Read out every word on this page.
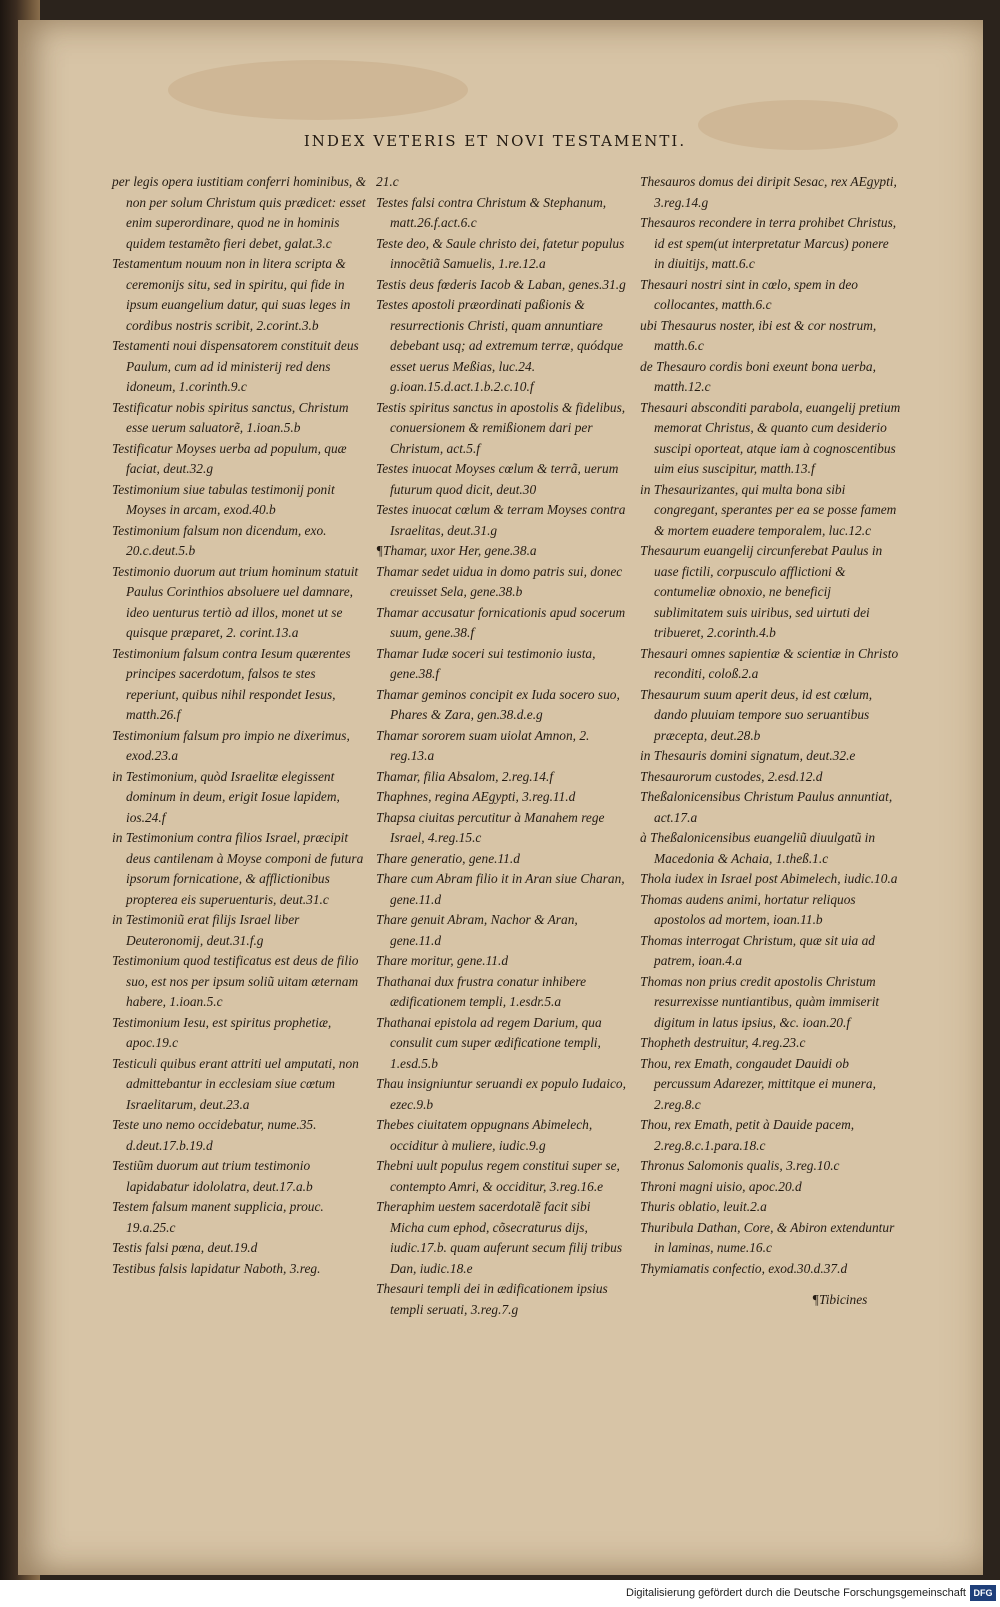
INDEX VETERIS ET NOVI TESTAMENTI.

per legis opera iustitiam conferri hominibus, & non per solum Christum quis prædicet: esset enim superordinare, quod ne in hominis quidem testamẽto fieri debet, galat.3.c

Testamentum nouum non in litera scripta & ceremonijs situ, sed in spiritu, qui fide in ipsum euangelium datur, qui suas leges in cordibus nostris scribit, 2.corint.3.b

Testamenti noui dispensatorem constituit deus Paulum, cum ad id ministerij red dens idoneum, 1.corinth.9.c

Testificatur nobis spiritus sanctus, Christum esse uerum saluatorẽ, 1.ioan.5.b

Testificatur Moyses uerba ad populum, quæ faciat, deut.32.g

Testimonium siue tabulas testimonij ponit Moyses in arcam, exod.40.b

Testimonium falsum non dicendum, exo. 20.c.deut.5.b

Testimonio duorum aut trium hominum statuit Paulus Corinthios absoluere uel damnare, ideo uenturus tertiò ad illos, monet ut se quisque præparet, 2. corint.13.a

Testimonium falsum contra Iesum quærentes principes sacerdotum, falsos te stes reperiunt, quibus nihil respondet Iesus, matth.26.f

Testimonium falsum pro impio ne dixerimus, exod.23.a

in Testimonium, quòd Israelitæ elegissent dominum in deum, erigit Iosue lapidem, ios.24.f

in Testimonium contra filios Israel, præcipit deus cantilenam à Moyse componi de futura ipsorum fornicatione, & afflictionibus propterea eis superuenturis, deut.31.c

in Testimoniũ erat filijs Israel liber Deuteronomij, deut.31.f.g

Testimonium quod testificatus est deus de filio suo, est nos per ipsum soliũ uitam æternam habere, 1.ioan.5.c

Testimonium Iesu, est spiritus prophetiæ, apoc.19.c

Testiculi quibus erant attriti uel amputati, non admittebantur in ecclesiam siue cœtum Israelitarum, deut.23.a

Teste uno nemo occidebatur, nume.35. d.deut.17.b.19.d

Testiũm duorum aut trium testimonio lapidabatur idololatra, deut.17.a.b

Testem falsum manent supplicia, prouc. 19.a.25.c

Testis falsi pœna, deut.19.d

Testibus falsis lapidatur Naboth, 3.reg.

21.c

Testes falsi contra Christum & Stephanum, matt.26.f.act.6.c

Teste deo, & Saule christo dei, fatetur populus innocẽtiã Samuelis, 1.re.12.a

Testis deus fœderis Iacob & Laban, genes.31.g

Testes apostoli præordinati paßionis & resurrectionis Christi, quam annuntiare debebant usq; ad extremum terræ, quódque esset uerus Meßias, luc.24. g.ioan.15.d.act.1.b.2.c.10.f

Testis spiritus sanctus in apostolis & fidelibus, conuersionem & remißionem dari per Christum, act.5.f

Testes inuocat Moyses cœlum & terrã, uerum futurum quod dicit, deut.30

Testes inuocat cœlum & terram Moyses contra Israelitas, deut.31.g

¶Thamar, uxor Her, gene.38.a

Thamar sedet uidua in domo patris sui, donec creuisset Sela, gene.38.b

Thamar accusatur fornicationis apud socerum suum, gene.38.f

Thamar Iudæ soceri sui testimonio iusta, gene.38.f

Thamar geminos concipit ex Iuda socero suo, Phares & Zara, gen.38.d.e.g

Thamar sororem suam uiolat Amnon, 2. reg.13.a

Thamar, filia Absalom, 2.reg.14.f

Thaphnes, regina AEgypti, 3.reg.11.d

Thapsa ciuitas percutitur à Manahem rege Israel, 4.reg.15.c

Thare generatio, gene.11.d

Thare cum Abram filio it in Aran siue Charan, gene.11.d

Thare genuit Abram, Nachor & Aran, gene.11.d

Thare moritur, gene.11.d

Thathanai dux frustra conatur inhibere ædificationem templi, 1.esdr.5.a

Thathanai epistola ad regem Darium, qua consulit cum super ædificatione templi, 1.esd.5.b

Thau insigniuntur seruandi ex populo Iudaico, ezec.9.b

Thebes ciuitatem oppugnans Abimelech, occiditur à muliere, iudic.9.g

Thebni uult populus regem constitui super se, contempto Amri, & occiditur, 3.reg.16.e

Theraphim uestem sacerdotalẽ facit sibi Micha cum ephod, cõsecraturus dijs, iudic.17.b. quam auferunt secum filij tribus Dan, iudic.18.e

Thesauri templi dei in ædificationem ipsius templi seruati, 3.reg.7.g

Thesauros domus dei diripit Sesac, rex AEgypti, 3.reg.14.g

Thesauros recondere in terra prohibet Christus, id est spem(ut interpretatur Marcus) ponere in diuitijs, matt.6.c

Thesauri nostri sint in cœlo, spem in deo collocantes, matth.6.c

ubi Thesaurus noster, ibi est & cor nostrum, matth.6.c

de Thesauro cordis boni exeunt bona uerba, matth.12.c

Thesauri absconditi parabola, euangelij pretium memorat Christus, & quanto cum desiderio suscipi oporteat, atque iam à cognoscentibus uim eius suscipitur, matth.13.f

in Thesaurizantes, qui multa bona sibi congregant, sperantes per ea se posse famem & mortem euadere temporalem, luc.12.c

Thesaurum euangelij circunferebat Paulus in uase fictili, corpusculo afflictioni & contumeliæ obnoxio, ne beneficij sublimitatem suis uiribus, sed uirtuti dei tribueret, 2.corinth.4.b

Thesauri omnes sapientiæ & scientiæ in Christo reconditi, coloß.2.a

Thesaurum suum aperit deus, id est cœlum, dando pluuiam tempore suo seruantibus præcepta, deut.28.b

in Thesauris domini signatum, deut.32.e

Thesaurorum custodes, 2.esd.12.d

Theßalonicensibus Christum Paulus annuntiat, act.17.a

à Theßalonicensibus euangeliũ diuulgatũ in Macedonia & Achaia, 1.theß.1.c

Thola iudex in Israel post Abimelech, iudic.10.a

Thomas audens animi, hortatur reliquos apostolos ad mortem, ioan.11.b

Thomas interrogat Christum, quæ sit uia ad patrem, ioan.4.a

Thomas non prius credit apostolis Christum resurrexisse nuntiantibus, quàm immiserit digitum in latus ipsius, &c. ioan.20.f

Thopheth destruitur, 4.reg.23.c

Thou, rex Emath, congaudet Dauidi ob percussum Adarezer, mittitque ei munera, 2.reg.8.c

Thou, rex Emath, petit à Dauide pacem, 2.reg.8.c.1.para.18.c

Thronus Salomonis qualis, 3.reg.10.c

Throni magni uisio, apoc.20.d

Thuris oblatio, leuit.2.a

Thuribula Dathan, Core, & Abiron extenduntur in laminas, nume.16.c

Thymiamatis confectio, exod.30.d.37.d

¶Tibicines
Digitalisierung gefördert durch die Deutsche Forschungsgemeinschaft DFG
